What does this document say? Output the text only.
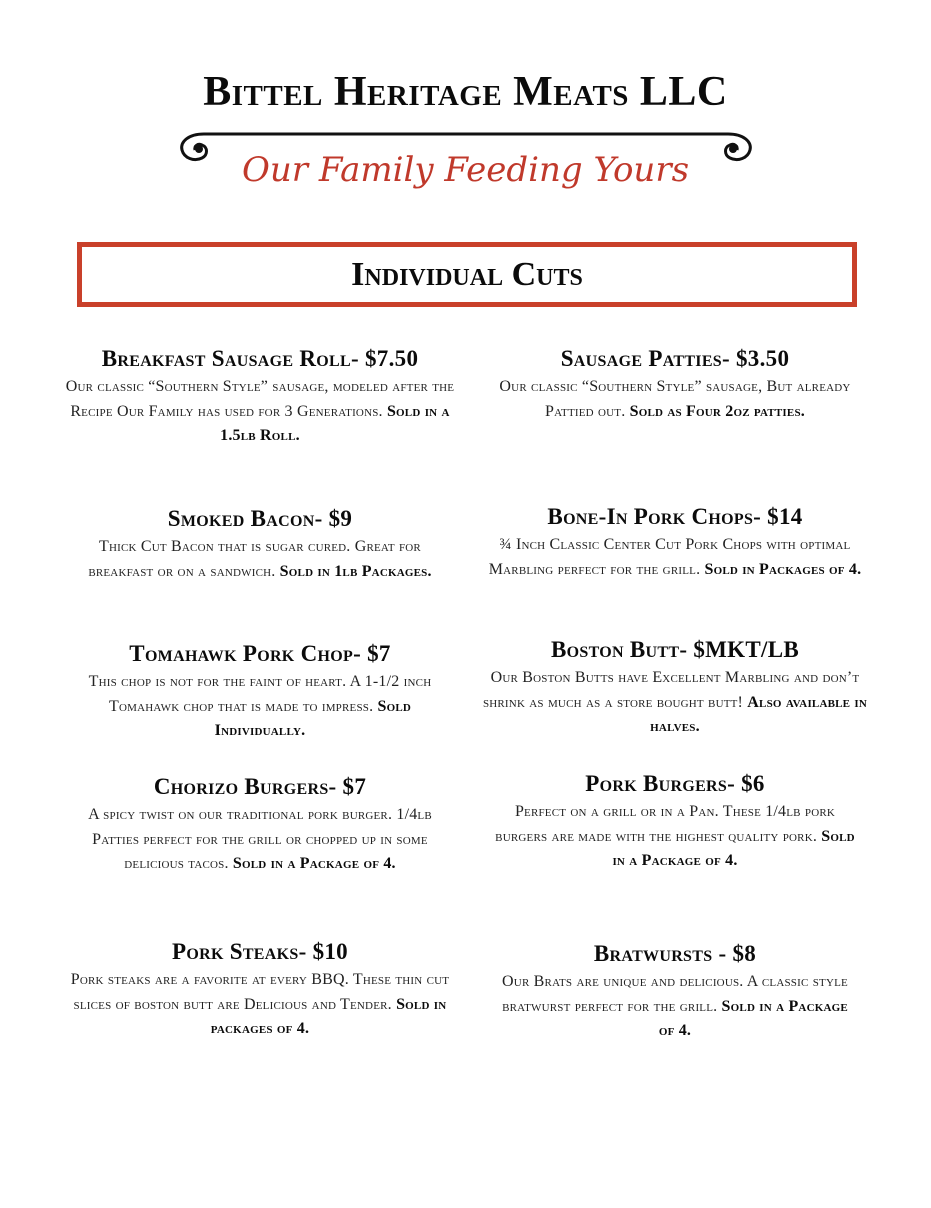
Bittel Heritage Meats LLC
Our Family Feeding Yours
Individual Cuts
Breakfast Sausage Roll- $7.50
Our classic “Southern Style” sausage, modeled after the Recipe Our Family has used for 3 Generations. Sold in a 1.5lb Roll.
Sausage Patties- $3.50
Our classic “Southern Style” sausage, But already Pattied out. Sold as Four 2oz patties.
Smoked Bacon- $9
Thick Cut Bacon that is sugar cured. Great for breakfast or on a sandwich. Sold in 1lb Packages.
Bone-In Pork Chops- $14
¾ Inch Classic Center Cut Pork Chops with optimal Marbling perfect for the grill. Sold in Packages of 4.
Tomahawk Pork Chop- $7
This chop is not for the faint of heart. A 1-1/2 inch Tomahawk chop that is made to impress. Sold Individually.
Boston Butt- $MKT/LB
Our Boston Butts have Excellent Marbling and don’t shrink as much as a store bought butt! Also available in halves.
Chorizo Burgers- $7
A spicy twist on our traditional pork burger. 1/4lb Patties perfect for the grill or chopped up in some delicious tacos. Sold in a Package of 4.
Pork Burgers- $6
Perfect on a grill or in a Pan. These 1/4lb pork burgers are made with the highest quality pork. Sold in a Package of 4.
Pork Steaks- $10
Pork steaks are a favorite at every BBQ. These thin cut slices of boston butt are Delicious and Tender. Sold in packages of 4.
Bratwursts - $8
Our Brats are unique and delicious. A classic style bratwurst perfect for the grill. Sold in a Package of 4.
